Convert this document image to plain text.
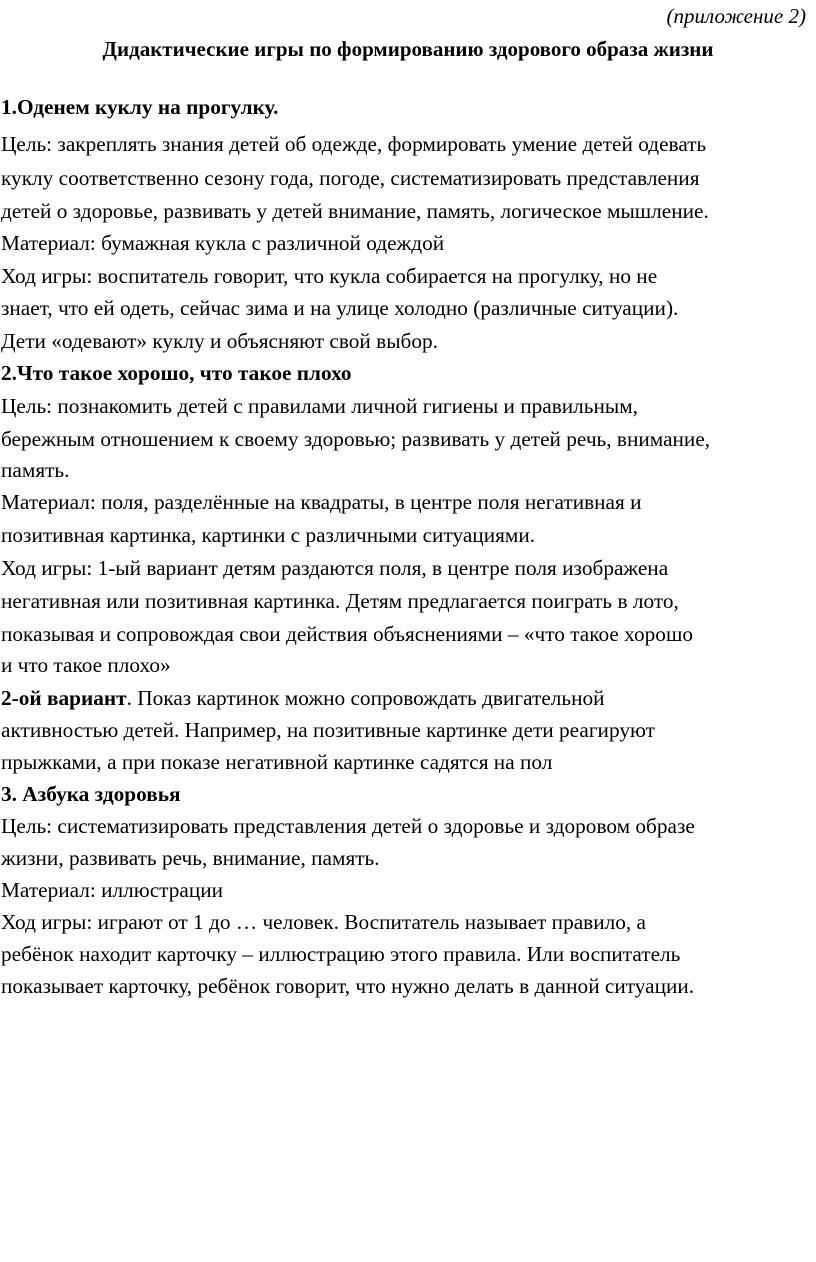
(приложение 2)
Дидактические игры по формированию здорового образа жизни
1.Оденем куклу на прогулку.
Цель: закреплять знания детей об одежде, формировать умение детей одевать
куклу соответственно сезону года, погоде, систематизировать представления
детей о здоровье, развивать у детей внимание, память, логическое мышление.
Материал: бумажная кукла с различной одеждой
Ход игры: воспитатель говорит, что кукла собирается на прогулку, но не
знает, что ей одеть, сейчас зима и на улице холодно (различные ситуации).
Дети «одевают» куклу и объясняют свой выбор.
2.Что такое хорошо, что такое плохо
Цель: познакомить детей с правилами личной гигиены и правильным,
бережным отношением к своему здоровью; развивать у детей речь, внимание,
память.
Материал: поля, разделённые на квадраты, в центре поля негативная и
позитивная картинка, картинки с различными ситуациями.
Ход игры: 1-ый вариант детям раздаются поля, в центре поля изображена
негативная или позитивная картинка. Детям предлагается поиграть в лото,
показывая и сопровождая свои действия объяснениями – «что такое хорошо
и что такое плохо»
2-ой вариант. Показ картинок можно сопровождать двигательной
активностью детей. Например, на позитивные картинке дети реагируют
прыжками, а при показе негативной картинке садятся на пол
3. Азбука здоровья
Цель: систематизировать представления детей о здоровье и здоровом образе
жизни, развивать речь, внимание, память.
Материал: иллюстрации
Ход игры: играют от 1 до … человек. Воспитатель называет правило, а
ребёнок находит карточку – иллюстрацию этого правила. Или воспитатель
показывает карточку, ребёнок говорит, что нужно делать в данной ситуации.
